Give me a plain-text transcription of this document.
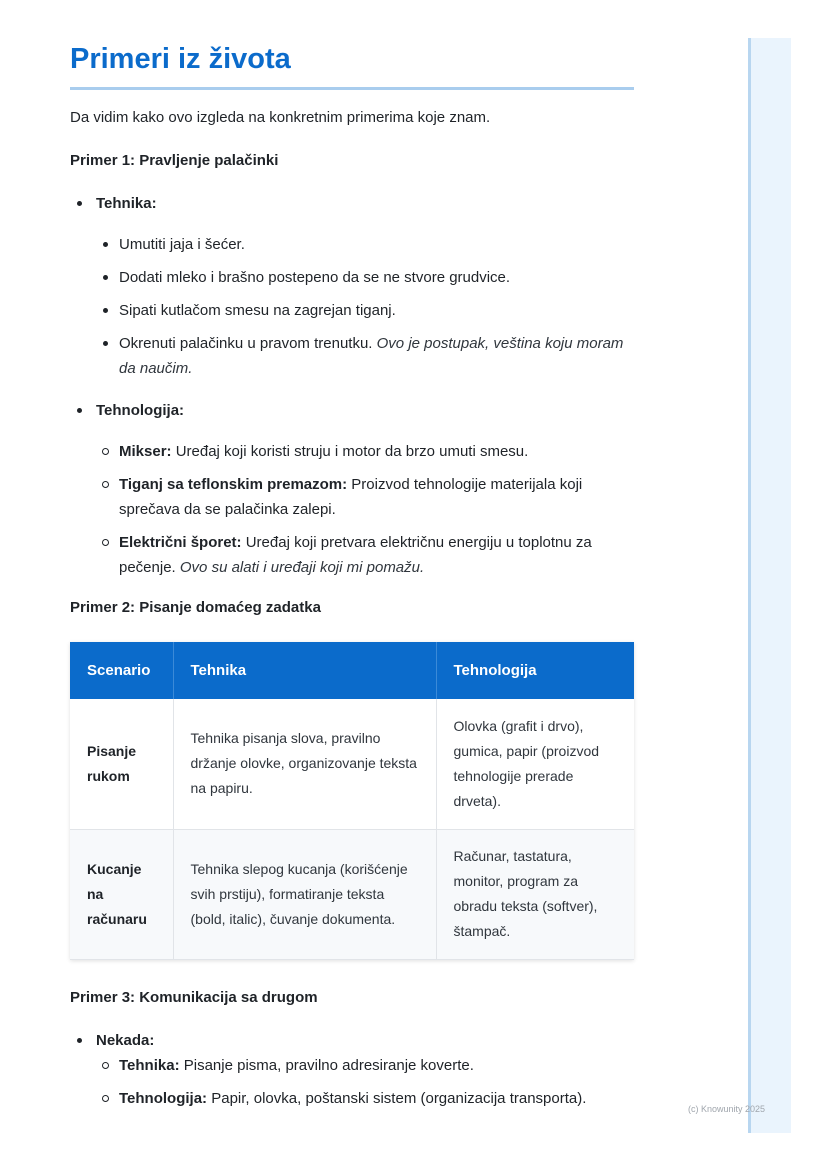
Primeri iz života

Da vidim kako ovo izgleda na konkretnim primerima koje znam.

Primer 1: Pravljenje palačinki

Tehnika:
Umutiti jaja i šećer.
Dodati mleko i brašno postepeno da se ne stvore grudvice.
Sipati kutlačom smesu na zagrejan tiganj.
Okrenuti palačinku u pravom trenutku. Ovo je postupak, veština koju moram da naučim.
Tehnologija:
Mikser: Uređaj koji koristi struju i motor da brzo umuti smesu.
Tiganj sa teflonskim premazom: Proizvod tehnologije materijala koji sprečava da se palačinka zalepi.
Električni šporet: Uređaj koji pretvara električnu energiju u toplotnu za pečenje. Ovo su alati i uređaji koji mi pomažu.

Primer 2: Pisanje domaćeg zadatka

Scenario	Tehnika	Tehnologija
Pisanje rukom	Tehnika pisanja slova, pravilno držanje olovke, organizovanje teksta na papiru.	Olovka (grafit i drvo), gumica, papir (proizvod tehnologije prerade drveta).
Kucanje na računaru	Tehnika slepog kucanja (korišćenje svih prstiju), formatiranje teksta (bold, italic), čuvanje dokumenta.	Računar, tastatura, monitor, program za obradu teksta (softver), štampač.

Primer 3: Komunikacija sa drugom

Nekada:
Tehnika: Pisanje pisma, pravilno adresiranje koverte.
Tehnologija: Papir, olovka, poštanski sistem (organizacija transporta).
(c) Knowunity 2025
